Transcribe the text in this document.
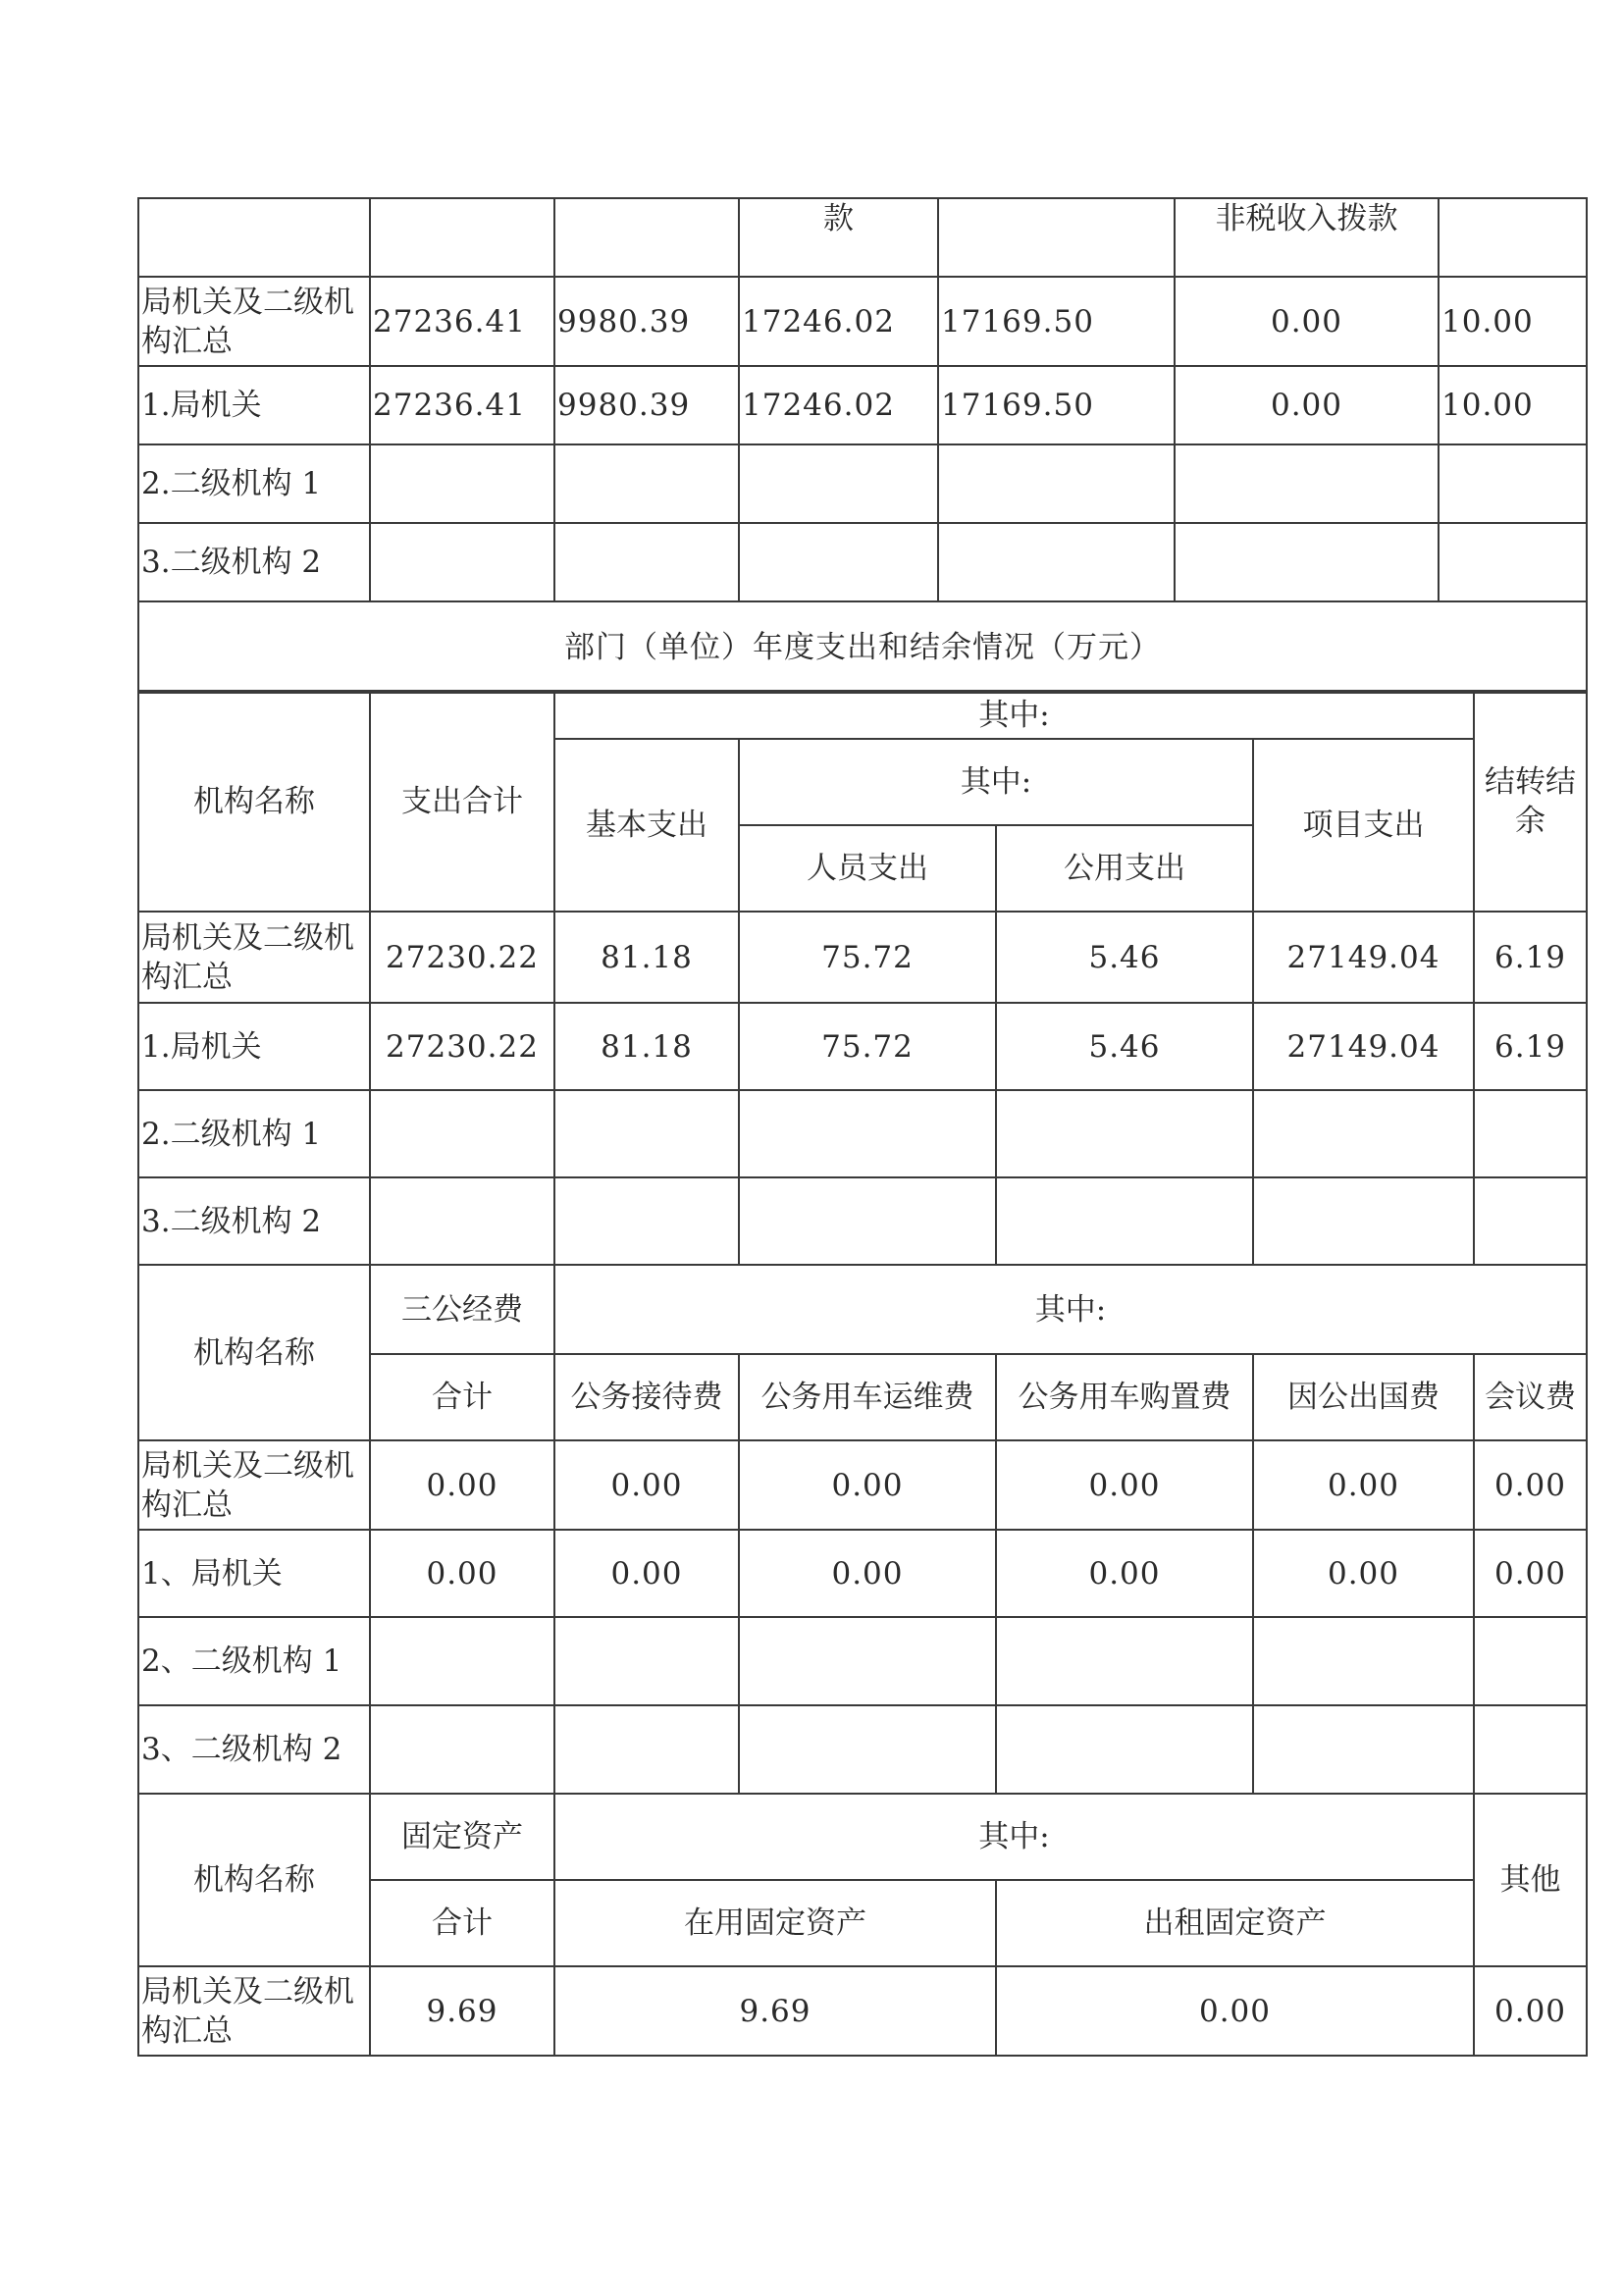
			款		非税收入拨款	
局机关及二级机构汇总	27236.41	9980.39	17246.02	17169.50	0.00	10.00
1.局机关	27236.41	9980.39	17246.02	17169.50	0.00	10.00
2.二级机构 1						
3.二级机构 2						
部门（单位）年度支出和结余情况（万元）						
机构名称	支出合计	其中:				结转结余
		基本支出	其中:		项目支出	
			人员支出	公用支出		
局机关及二级机构汇总	27230.22	81.18	75.72	5.46	27149.04	6.19
1.局机关	27230.22	81.18	75.72	5.46	27149.04	6.19
2.二级机构 1						
3.二级机构 2						
机构名称	三公经费	其中:				
	合计	公务接待费	公务用车运维费	公务用车购置费	因公出国费	会议费
局机关及二级机构汇总	0.00	0.00	0.00	0.00	0.00	0.00
1、局机关	0.00	0.00	0.00	0.00	0.00	0.00
2、二级机构 1						
3、二级机构 2						
机构名称	固定资产	其中:		其他
	合计	在用固定资产	出租固定资产	
局机关及二级机构汇总	9.69	9.69	0.00	0.00
